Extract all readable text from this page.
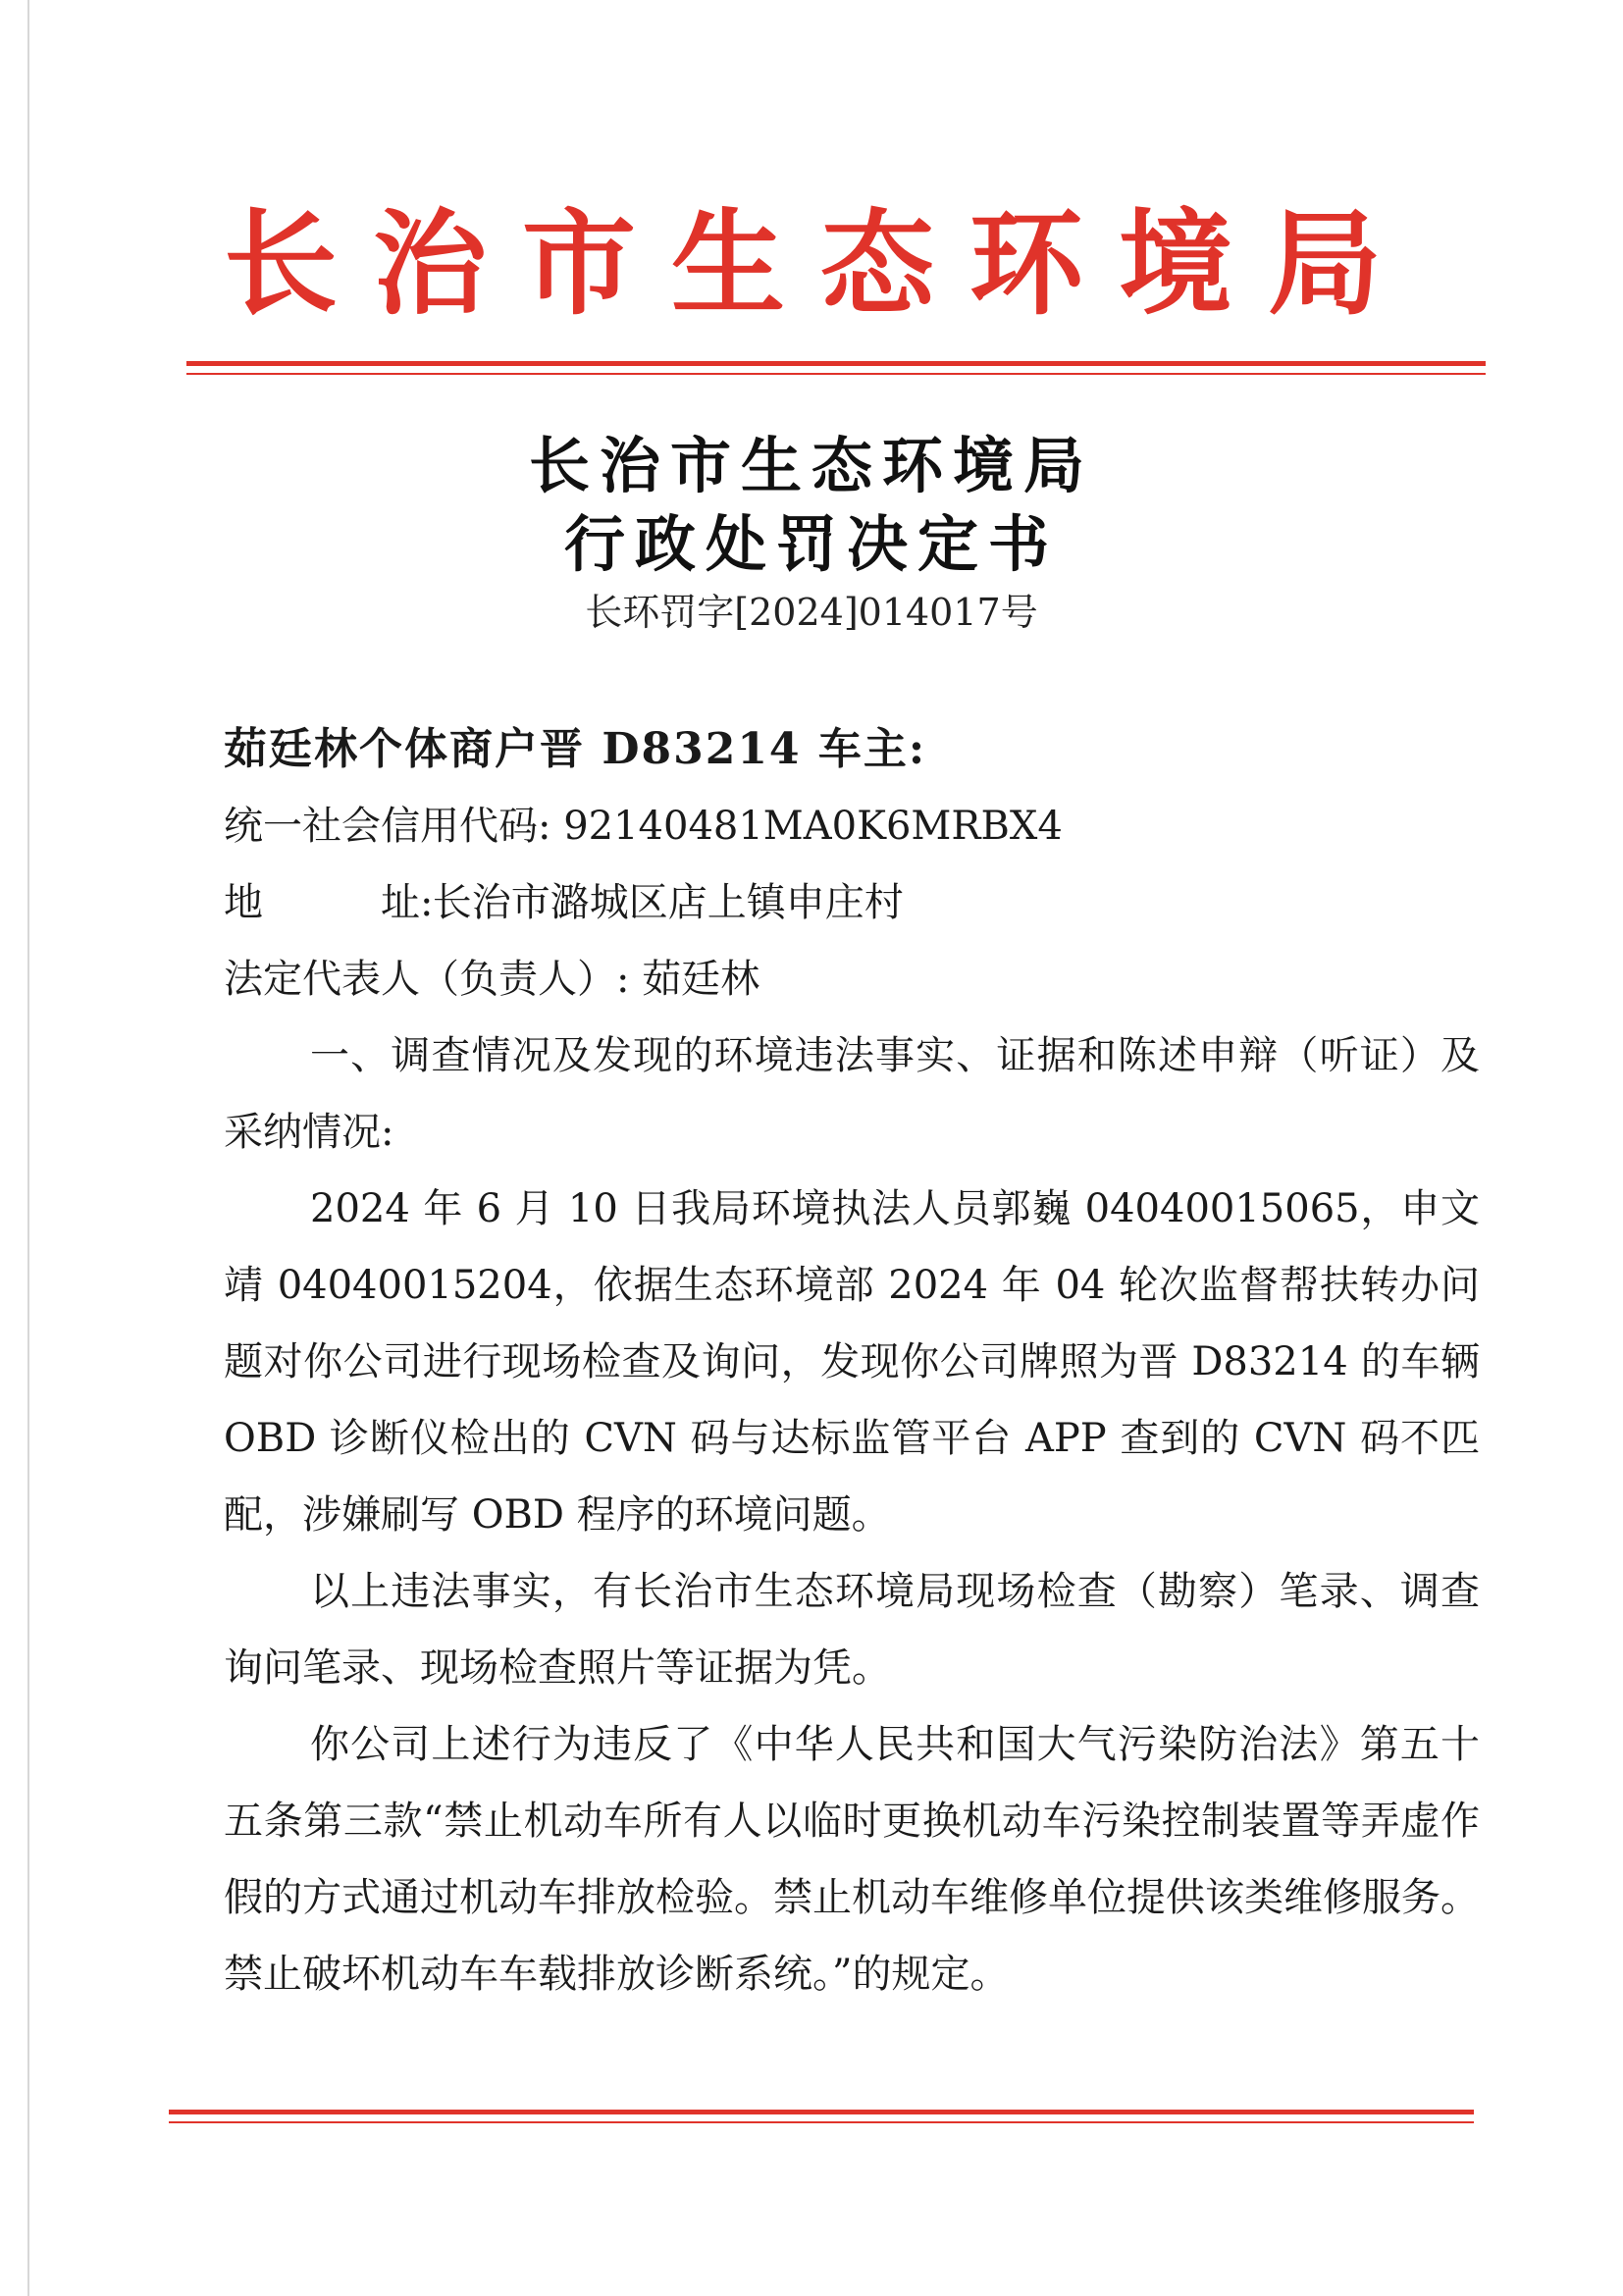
长治市生态环境局
长治市生态环境局
行政处罚决定书
长环罚字[2024]014017号
茹廷林个体商户晋 D83214 车主:
统一社会信用代码: 92140481MA0K6MRBX4
地	址: 长治市潞城区店上镇申庄村
法定代表人（负责人）: 茹廷林

一、调查情况及发现的环境违法事实、证据和陈述申辩（听证）及采纳情况:

2024 年 6 月 10 日我局环境执法人员郭巍 04040015065，申文靖 04040015204，依据生态环境部 2024 年 04 轮次监督帮扶转办问题对你公司进行现场检查及询问，发现你公司牌照为晋 D83214 的车辆 OBD 诊断仪检出的 CVN 码与达标监管平台 APP 查到的 CVN 码不匹配，涉嫌刷写 OBD 程序的环境问题。

以上违法事实，有长治市生态环境局现场检查（勘察）笔录、调查询问笔录、现场检查照片等证据为凭。

你公司上述行为违反了《中华人民共和国大气污染防治法》第五十五条第三款“禁止机动车所有人以临时更换机动车污染控制装置等弄虚作假的方式通过机动车排放检验。禁止机动车维修单位提供该类维修服务。禁止破坏机动车车载排放诊断系统。”的规定。
